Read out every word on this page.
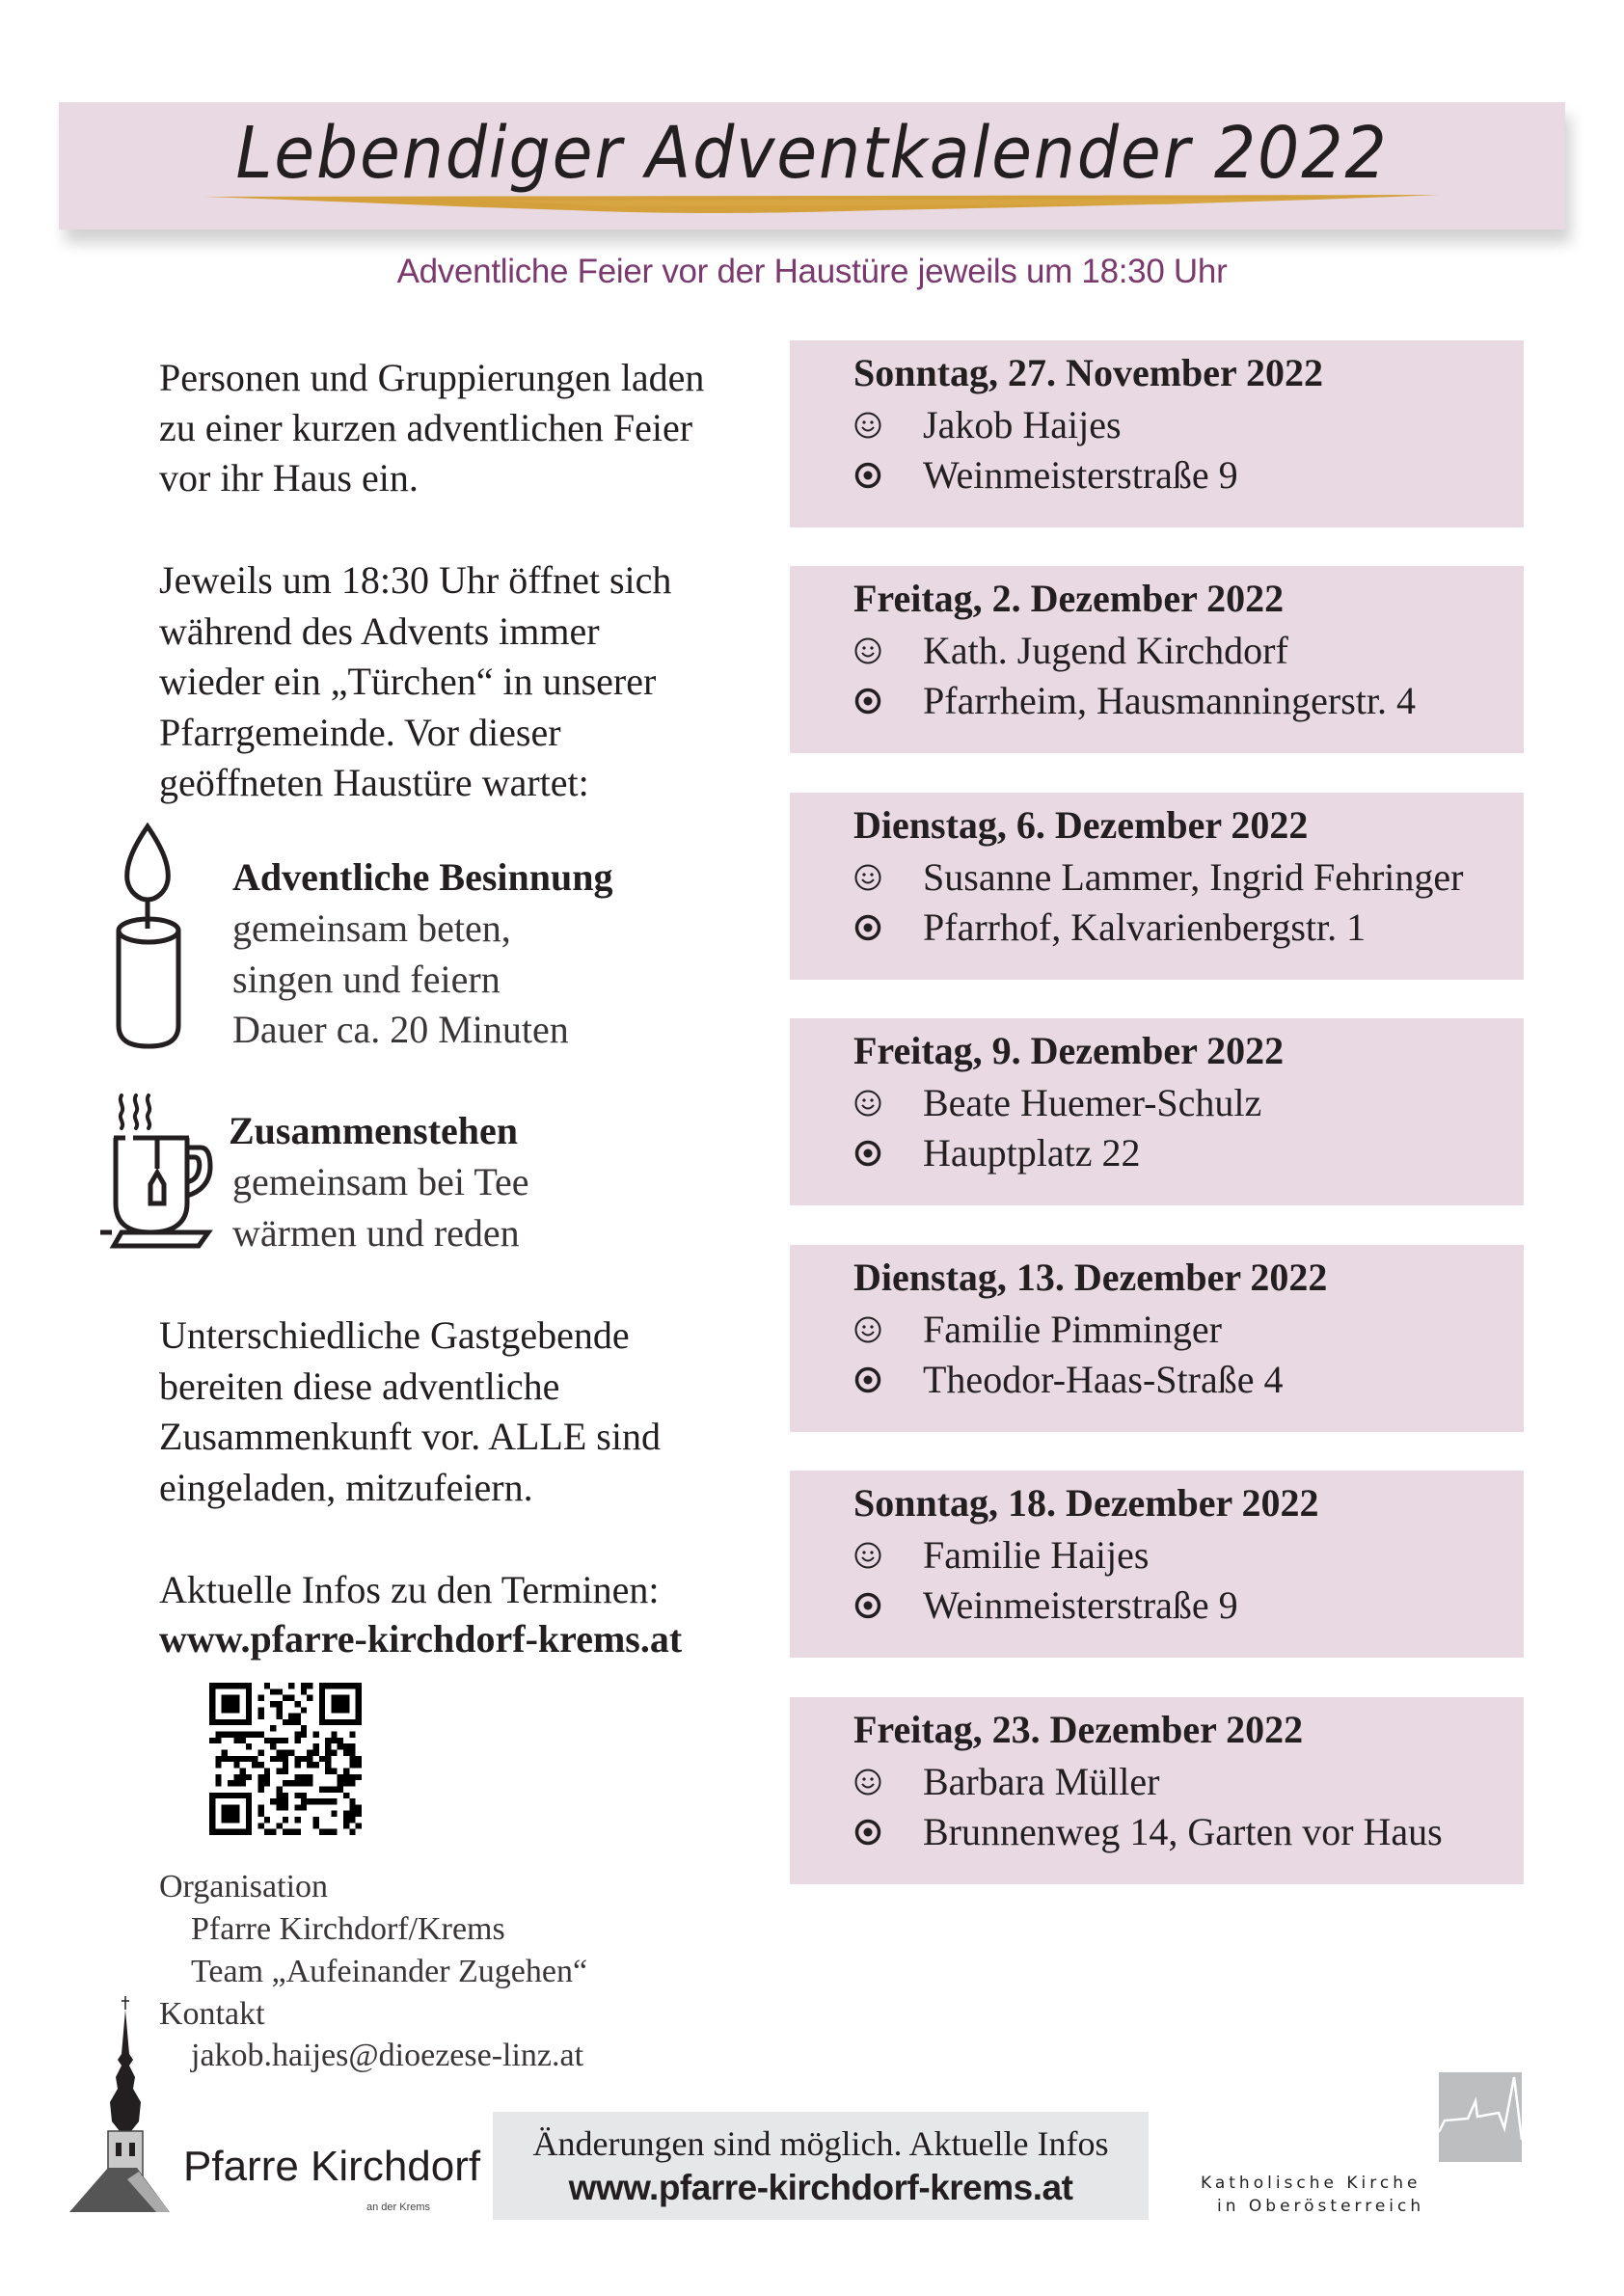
Lebendiger Adventkalender 2022
Adventliche Feier vor der Haustüre jeweils um 18:30 Uhr
Personen und Gruppierungen laden
zu einer kurzen adventlichen Feier
vor ihr Haus ein.
Jeweils um 18:30 Uhr öffnet sich
während des Advents immer
wieder ein „Türchen“ in unserer
Pfarrgemeinde. Vor dieser
geöffneten Haustüre wartet:
Adventliche Besinnung
gemeinsam beten,
singen und feiern
Dauer ca. 20 Minuten
Zusammenstehen
gemeinsam bei Tee
wärmen und reden
Unterschiedliche Gastgebende
bereiten diese adventliche
Zusammenkunft vor. ALLE sind
eingeladen, mitzufeiern.
Aktuelle Infos zu den Terminen:
www.pfarre-kirchdorf-krems.at
Organisation
Pfarre Kirchdorf/Krems
Team „Aufeinander Zugehen“
Kontakt
jakob.haijes@dioezese-linz.at
Sonntag, 27. November 2022
Jakob Haijes
Weinmeisterstraße 9
Freitag, 2. Dezember 2022
Kath. Jugend Kirchdorf
Pfarrheim, Hausmanningerstr. 4
Dienstag, 6. Dezember 2022
Susanne Lammer, Ingrid Fehringer
Pfarrhof, Kalvarienbergstr. 1
Freitag, 9. Dezember 2022
Beate Huemer-Schulz
Hauptplatz 22
Dienstag, 13. Dezember 2022
Familie Pimminger
Theodor-Haas-Straße 4
Sonntag, 18. Dezember 2022
Familie Haijes
Weinmeisterstraße 9
Freitag, 23. Dezember 2022
Barbara Müller
Brunnenweg 14, Garten vor Haus
Pfarre Kirchdorf
an der Krems
Änderungen sind möglich. Aktuelle Infos
www.pfarre-kirchdorf-krems.at	Katholische Kirche
in Oberösterreich
